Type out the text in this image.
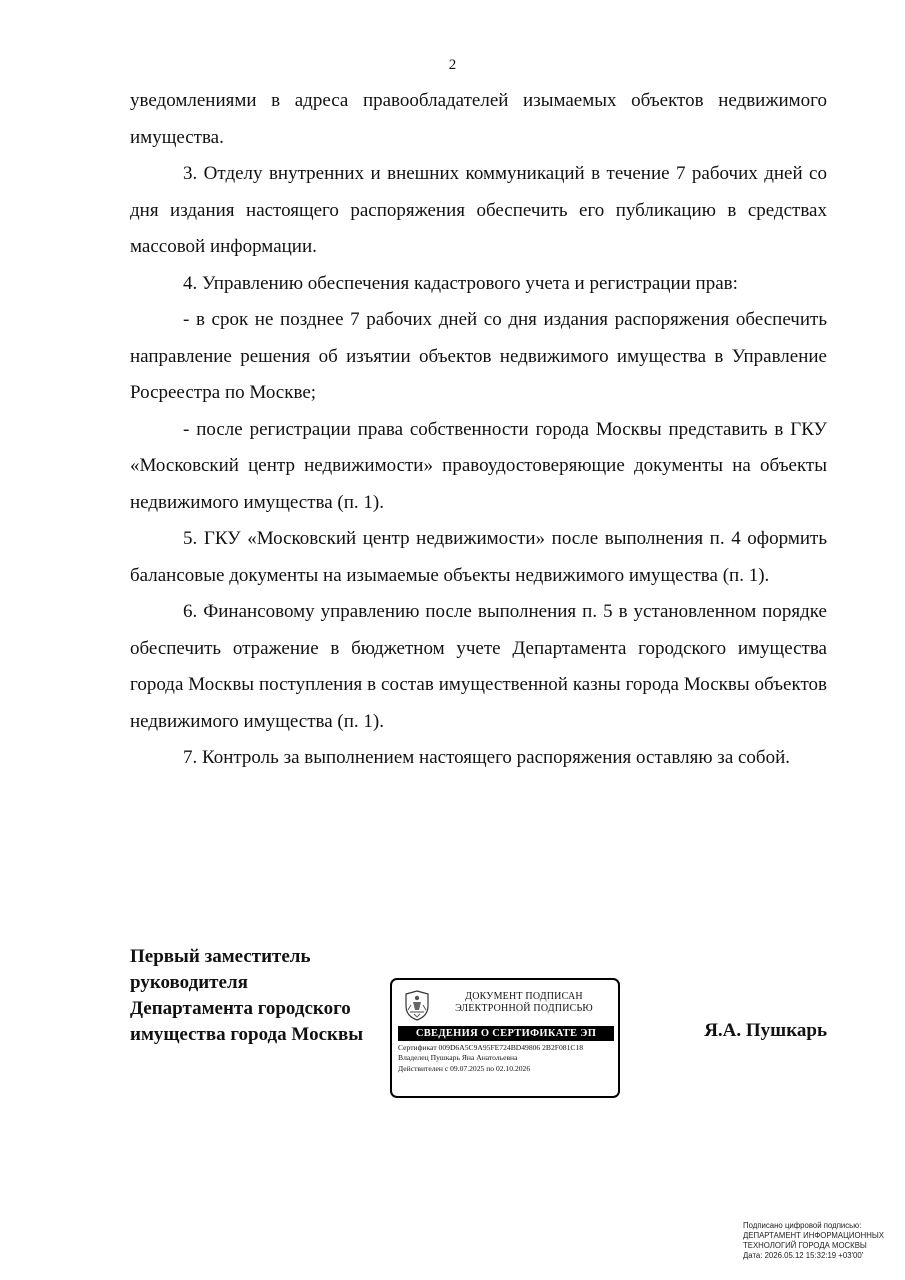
2

уведомлениями в адреса правообладателей изымаемых объектов недвижимого имущества.

3. Отделу внутренних и внешних коммуникаций в течение 7 рабочих дней со дня издания настоящего распоряжения обеспечить его публикацию в средствах массовой информации.

4. Управлению обеспечения кадастрового учета и регистрации прав:

- в срок не позднее 7 рабочих дней со дня издания распоряжения обеспечить направление решения об изъятии объектов недвижимого имущества в Управление Росреестра по Москве;

- после регистрации права собственности города Москвы представить в ГКУ «Московский центр недвижимости» правоудостоверяющие документы на объекты недвижимого имущества (п. 1).

5. ГКУ «Московский центр недвижимости» после выполнения п. 4 оформить балансовые документы на изымаемые объекты недвижимого имущества (п. 1).

6. Финансовому управлению после выполнения п. 5 в установленном порядке обеспечить отражение в бюджетном учете Департамента городского имущества города Москвы поступления в состав имущественной казны города Москвы объектов недвижимого имущества (п. 1).

7. Контроль за выполнением настоящего распоряжения оставляю за собой.

Первый заместитель
руководителя
Департамента городского
имущества города Москвы
ДОКУМЕНТ ПОДПИСАН
ЭЛЕКТРОННОЙ ПОДПИСЬЮ
СВЕДЕНИЯ О СЕРТИФИКАТЕ ЭП
Сертификат 009D6A5C9A95FE724BD49806 2B2F081C18
Владелец Пушкарь Яна Анатольевна
Действителен с 09.07.2025 по 02.10.2026
Я.А. Пушкарь
Подписано цифровой подписью:
ДЕПАРТАМЕНТ ИНФОРМАЦИОННЫХ
ТЕХНОЛОГИЙ ГОРОДА МОСКВЫ
Дата: 2026.05.12 15:32:19 +03'00'
